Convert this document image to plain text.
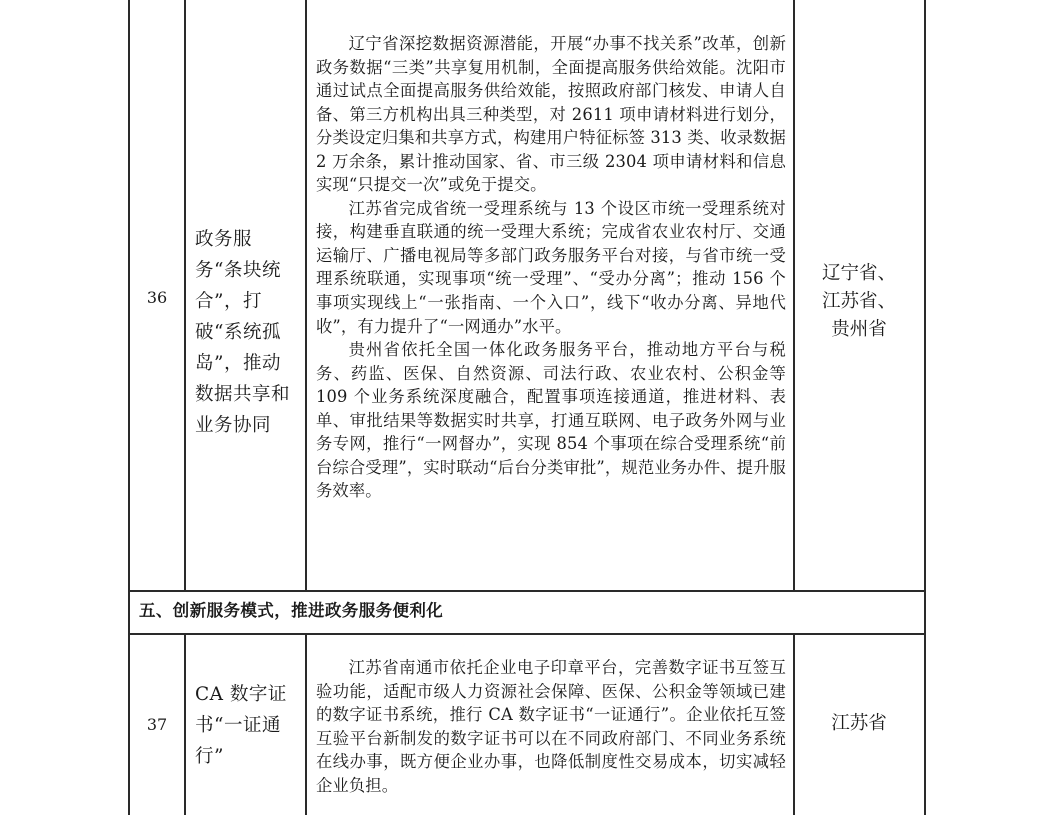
36
政务服务“条块统合”，打破“系统孤岛”，推动数据共享和业务协同

辽宁省深挖数据资源潜能，开展“办事不找关系”改革，创新政务数据“三类”共享复用机制，全面提高服务供给效能。沈阳市通过试点全面提高服务供给效能，按照政府部门核发、申请人自备、第三方机构出具三种类型，对 2611 项申请材料进行划分，分类设定归集和共享方式，构建用户特征标签 313 类、收录数据 2 万余条，累计推动国家、省、市三级 2304 项申请材料和信息实现“只提交一次”或免于提交。

江苏省完成省统一受理系统与 13 个设区市统一受理系统对接，构建垂直联通的统一受理大系统；完成省农业农村厅、交通运输厅、广播电视局等多部门政务服务平台对接，与省市统一受理系统联通，实现事项“统一受理”、“受办分离”；推动 156 个事项实现线上“一张指南、一个入口”，线下“收办分离、异地代收”，有力提升了“一网通办”水平。

贵州省依托全国一体化政务服务平台，推动地方平台与税务、药监、医保、自然资源、司法行政、农业农村、公积金等 109 个业务系统深度融合，配置事项连接通道，推进材料、表单、审批结果等数据实时共享，打通互联网、电子政务外网与业务专网，推行“一网督办”，实现 854 个事项在综合受理系统“前台综合受理”，实时联动“后台分类审批”，规范业务办件、提升服务效率。

辽宁省、
江苏省、
贵州省
五、创新服务模式，推进政务服务便利化
37
CA 数字证书“一证通行”

江苏省南通市依托企业电子印章平台，完善数字证书互签互验功能，适配市级人力资源社会保障、医保、公积金等领域已建的数字证书系统，推行 CA 数字证书“一证通行”。企业依托互签互验平台新制发的数字证书可以在不同政府部门、不同业务系统在线办事，既方便企业办事，也降低制度性交易成本，切实减轻企业负担。

江苏省
